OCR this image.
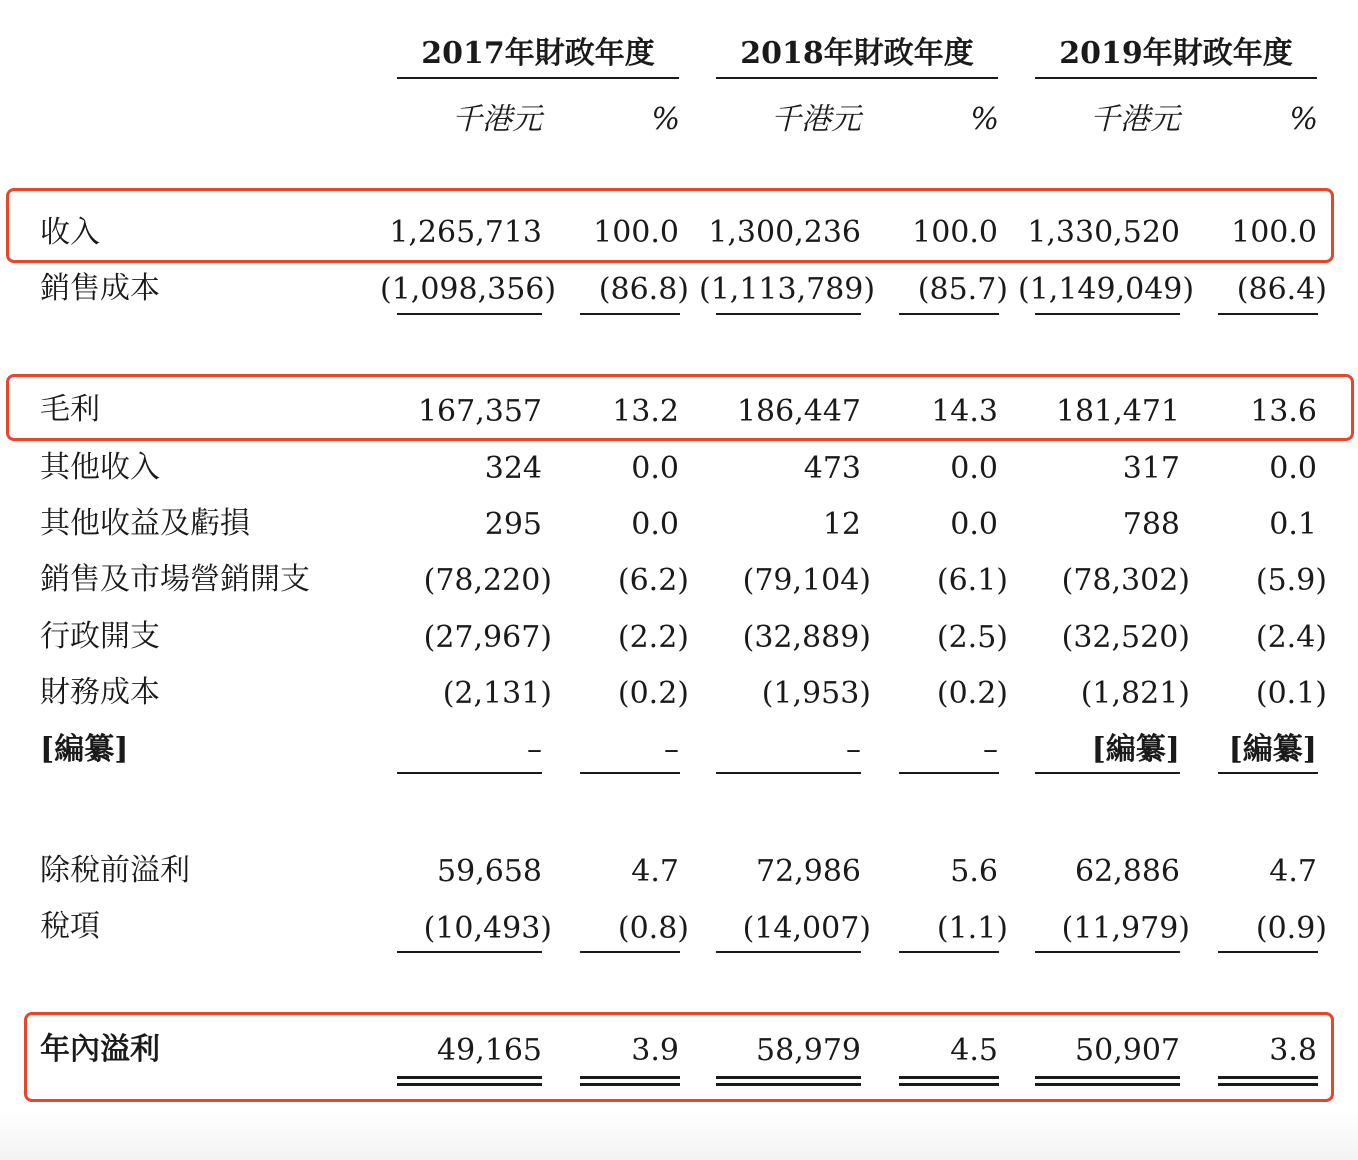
2017年財政年度	2018年財政年度	2019年財政年度
千港元	%	千港元	%	千港元	%
收入	1,265,713	100.0 1,300,236	100.0 1,330,520	100.0
銷售成本	(1,098,356)	(86.8) (1,113,789)	(85.7) (1,149,049)	(86.4)
毛利	167,357	13.2	186,447	14.3	181,471	13.6
其他收入	324	0.0	473	0.0	317	0.0
其他收益及虧損	295	0.0	12	0.0	788	0.1
銷售及市場營銷開支	(78,220)	(6.2)	(79,104)	(6.1)	(78,302)	(5.9)
行政開支	(27,967)	(2.2)	(32,889)	(2.5)	(32,520)	(2.4)
財務成本	(2,131)	(0.2)	(1,953)	(0.2)	(1,821)	(0.1)
[編纂]	–	–	–	–	[編纂]	[編纂]
除稅前溢利	59,658	4.7	72,986	5.6	62,886	4.7
稅項	(10,493)	(0.8)	(14,007)	(1.1)	(11,979)	(0.9)
年內溢利	49,165	3.9	58,979	4.5	50,907	3.8
